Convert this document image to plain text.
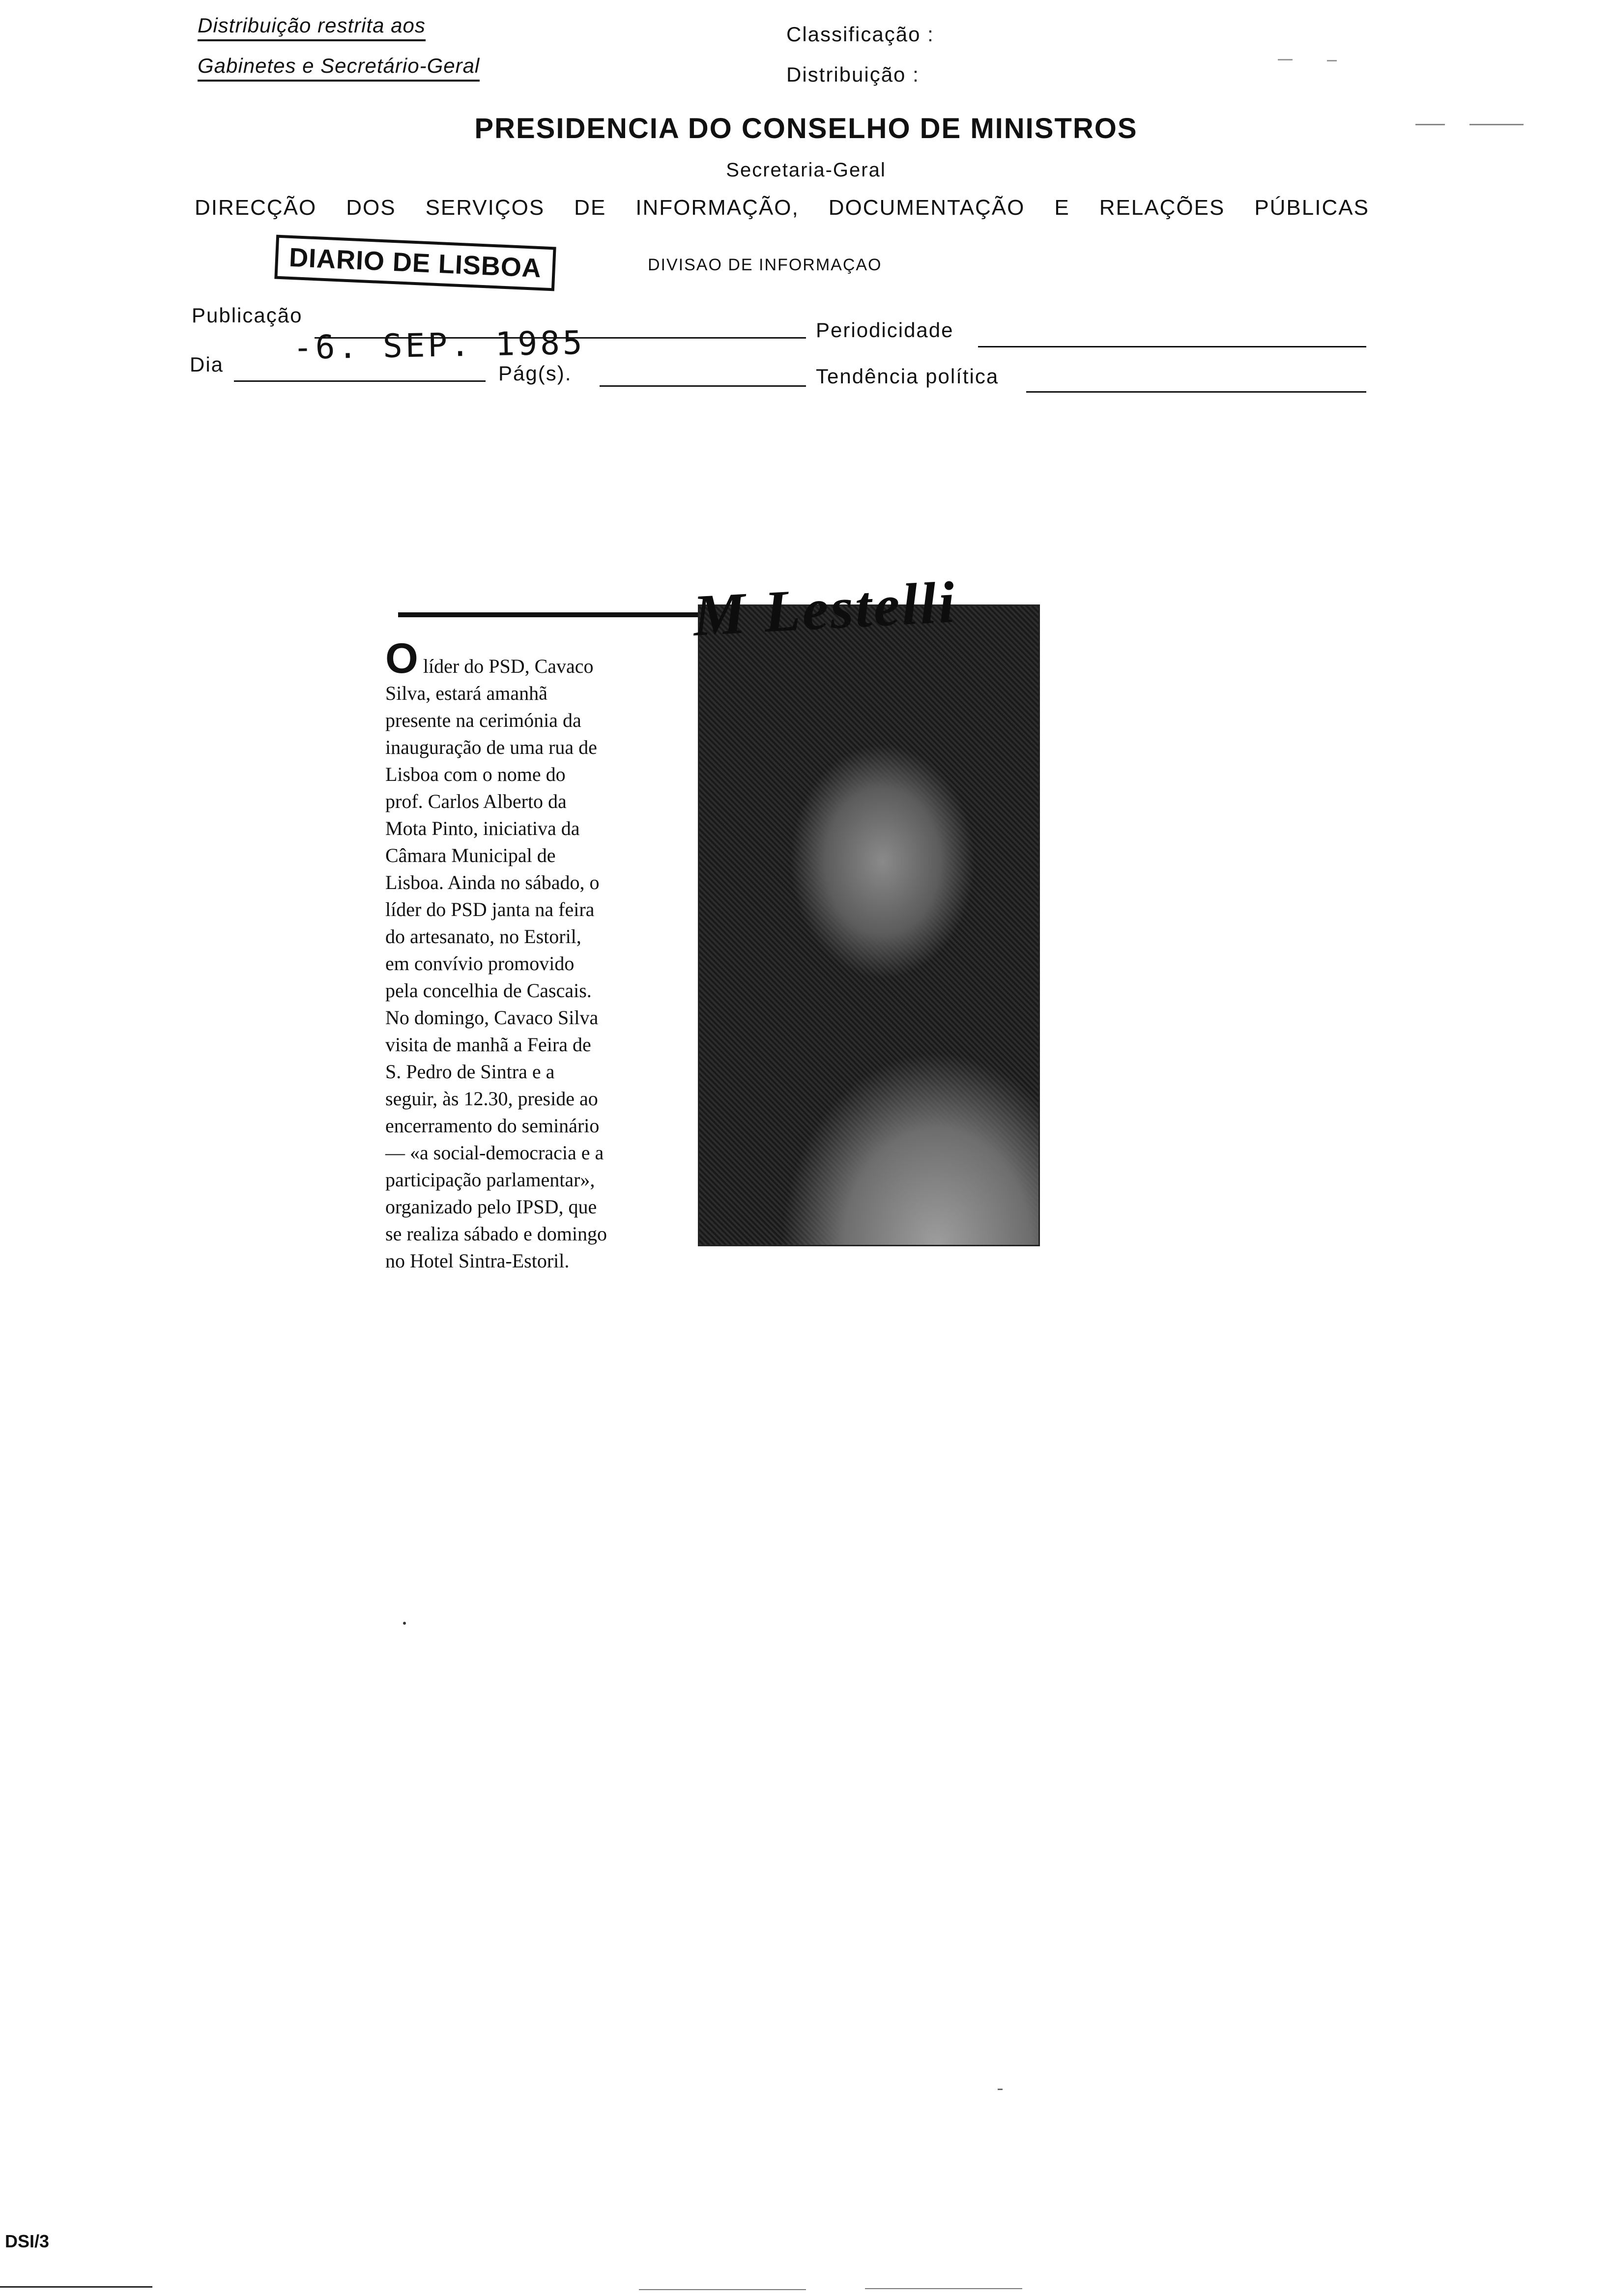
Distribuição restrita aos
Gabinetes e Secretário-Geral
Classificação :
Distribuição :
PRESIDENCIA DO CONSELHO DE MINISTROS
Secretaria-Geral
DIRECÇÃO DOS SERVIÇOS DE INFORMAÇÃO, DOCUMENTAÇÃO E RELAÇÕES PÚBLICAS
DIARIO DE LISBOA	DIVISAO DE INFORMAÇAO
Publicação
-6. SEP. 1985	Periodicidade
Dia	Pág(s).	Tendência política
M Lestelli

O líder do PSD, Cavaco
Silva, estará amanhã
presente na cerimónia da
inauguração de uma rua de
Lisboa com o nome do
prof. Carlos Alberto da
Mota Pinto, iniciativa da
Câmara Municipal de
Lisboa. Ainda no sábado, o
líder do PSD janta na feira
do artesanato, no Estoril,
em convívio promovido
pela concelhia de Cascais.
No domingo, Cavaco Silva
visita de manhã a Feira de
S. Pedro de Sintra e a
seguir, às 12.30, preside ao
encerramento do seminário
— «a social-democracia e a
participação parlamentar»,
organizado pelo IPSD, que
se realiza sábado e domingo
no Hotel Sintra-Estoril.

DSI/3
